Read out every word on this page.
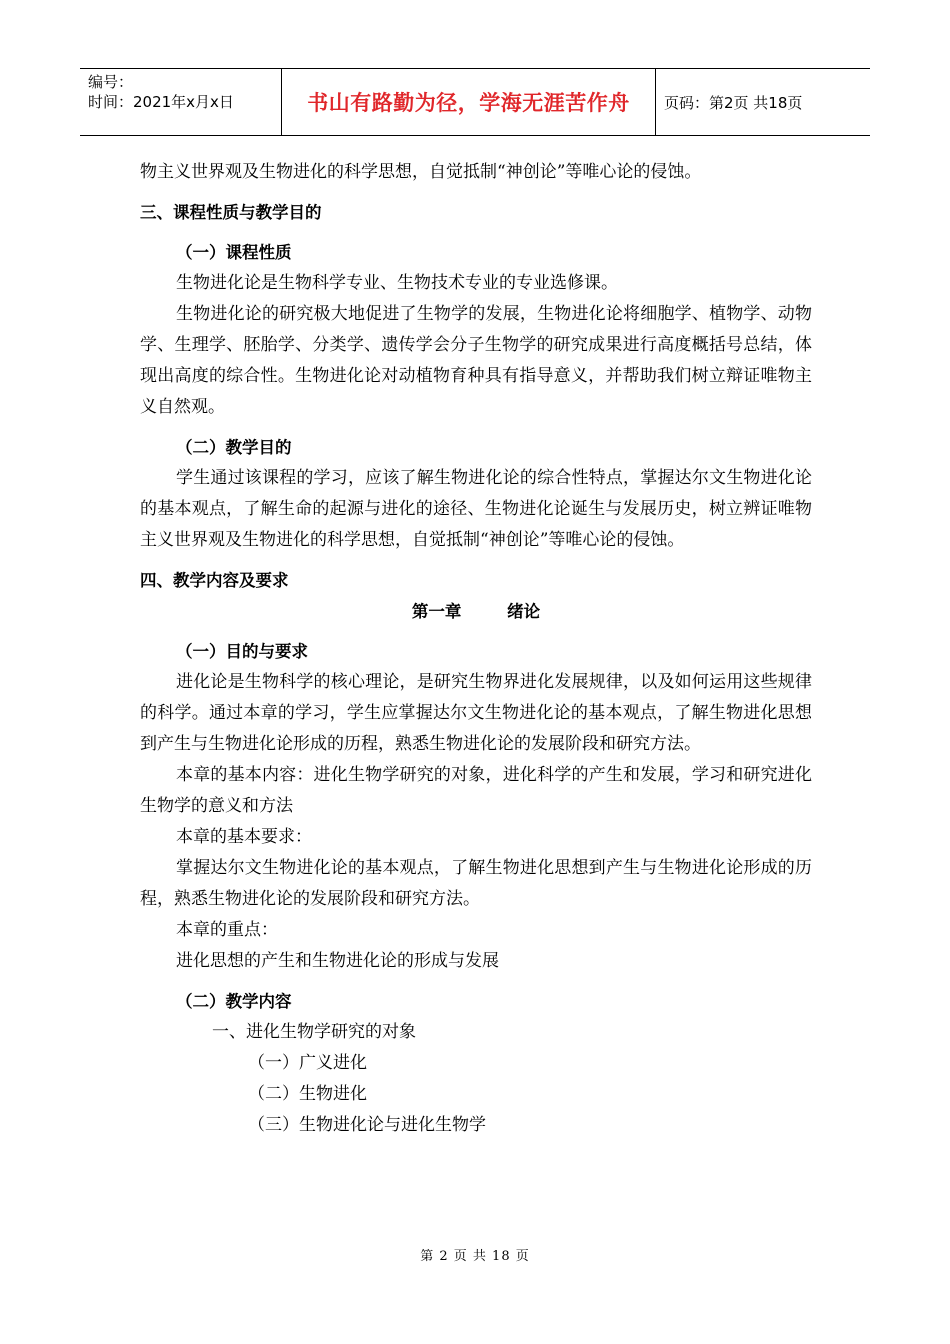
编号：
时间：2021年x月x日	书山有路勤为径，学海无涯苦作舟	页码：第2页 共18页

物主义世界观及生物进化的科学思想，自觉抵制“神创论”等唯心论的侵蚀。

三、课程性质与教学目的

（一）课程性质

生物进化论是生物科学专业、生物技术专业的专业选修课。

生物进化论的研究极大地促进了生物学的发展，生物进化论将细胞学、植物学、动物学、生理学、胚胎学、分类学、遗传学会分子生物学的研究成果进行高度概括号总结，体现出高度的综合性。生物进化论对动植物育种具有指导意义，并帮助我们树立辩证唯物主义自然观。

（二）教学目的

学生通过该课程的学习，应该了解生物进化论的综合性特点，掌握达尔文生物进化论的基本观点，了解生命的起源与进化的途径、生物进化论诞生与发展历史，树立辨证唯物主义世界观及生物进化的科学思想，自觉抵制“神创论”等唯心论的侵蚀。

四、教学内容及要求

第一章 绪论

（一）目的与要求

进化论是生物科学的核心理论，是研究生物界进化发展规律，以及如何运用这些规律的科学。通过本章的学习，学生应掌握达尔文生物进化论的基本观点，了解生物进化思想到产生与生物进化论形成的历程，熟悉生物进化论的发展阶段和研究方法。

本章的基本内容：进化生物学研究的对象，进化科学的产生和发展，学习和研究进化生物学的意义和方法

本章的基本要求：

掌握达尔文生物进化论的基本观点，了解生物进化思想到产生与生物进化论形成的历程，熟悉生物进化论的发展阶段和研究方法。

本章的重点：

进化思想的产生和生物进化论的形成与发展

（二）教学内容

一、进化生物学研究的对象

（一）广义进化

（二）生物进化

（三）生物进化论与进化生物学

第 2 页 共 18 页
